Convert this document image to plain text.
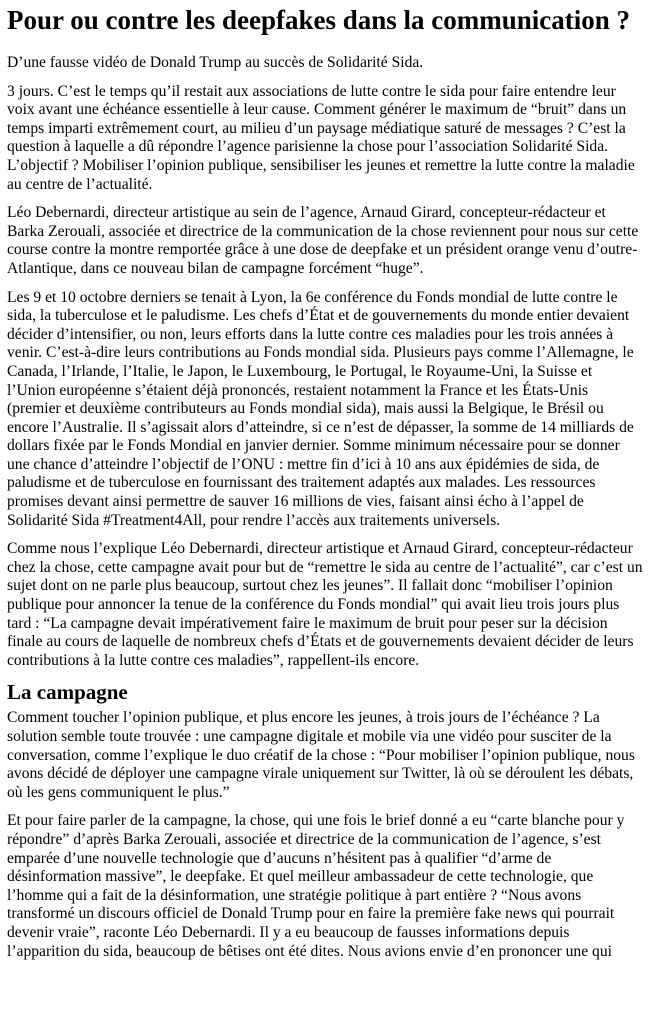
Pour ou contre les deepfakes dans la communication ?

D’une fausse vidéo de Donald Trump au succès de Solidarité Sida.

3 jours. C’est le temps qu’il restait aux associations de lutte contre le sida pour faire entendre leur voix avant une échéance essentielle à leur cause. Comment générer le maximum de “bruit” dans un temps imparti extrêmement court, au milieu d’un paysage médiatique saturé de messages ? C’est la question à laquelle a dû répondre l’agence parisienne la chose pour l’association Solidarité Sida. L’objectif ? Mobiliser l’opinion publique, sensibiliser les jeunes et remettre la lutte contre la maladie au centre de l’actualité.

Léo Debernardi, directeur artistique au sein de l’agence, Arnaud Girard, concepteur-rédacteur et Barka Zerouali, associée et directrice de la communication de la chose reviennent pour nous sur cette course contre la montre remportée grâce à une dose de deepfake et un président orange venu d’outre-Atlantique, dans ce nouveau bilan de campagne forcément “huge”.

Les 9 et 10 octobre derniers se tenait à Lyon, la 6e conférence du Fonds mondial de lutte contre le sida, la tuberculose et le paludisme. Les chefs d’État et de gouvernements du monde entier devaient décider d’intensifier, ou non, leurs efforts dans la lutte contre ces maladies pour les trois années à venir. C’est-à-dire leurs contributions au Fonds mondial sida. Plusieurs pays comme l’Allemagne, le Canada, l’Irlande, l’Italie, le Japon, le Luxembourg, le Portugal, le Royaume-Uni, la Suisse et l’Union européenne s’étaient déjà prononcés, restaient notamment la France et les États-Unis (premier et deuxième contributeurs au Fonds mondial sida), mais aussi la Belgique, le Brésil ou encore l’Australie. Il s’agissait alors d’atteindre, si ce n’est de dépasser, la somme de 14 milliards de dollars fixée par le Fonds Mondial en janvier dernier. Somme minimum nécessaire pour se donner une chance d’atteindre l’objectif de l’ONU : mettre fin d’ici à 10 ans aux épidémies de sida, de paludisme et de tuberculose en fournissant des traitement adaptés aux malades. Les ressources promises devant ainsi permettre de sauver 16 millions de vies, faisant ainsi écho à l’appel de Solidarité Sida #Treatment4All, pour rendre l’accès aux traitements universels.

Comme nous l’explique Léo Debernardi, directeur artistique et Arnaud Girard, concepteur-rédacteur chez la chose, cette campagne avait pour but de “remettre le sida au centre de l’actualité”, car c’est un sujet dont on ne parle plus beaucoup, surtout chez les jeunes”. Il fallait donc “mobiliser l’opinion publique pour annoncer la tenue de la conférence du Fonds mondial” qui avait lieu trois jours plus tard : “La campagne devait impérativement faire le maximum de bruit pour peser sur la décision finale au cours de laquelle de nombreux chefs d’États et de gouvernements devaient décider de leurs contributions à la lutte contre ces maladies”, rappellent-ils encore.

La campagne

Comment toucher l’opinion publique, et plus encore les jeunes, à trois jours de l’échéance ? La solution semble toute trouvée : une campagne digitale et mobile via une vidéo pour susciter de la conversation, comme l’explique le duo créatif de la chose : “Pour mobiliser l’opinion publique, nous avons décidé de déployer une campagne virale uniquement sur Twitter, là où se déroulent les débats, où les gens communiquent le plus.”

Et pour faire parler de la campagne, la chose, qui une fois le brief donné a eu “carte blanche pour y répondre” d’après Barka Zerouali, associée et directrice de la communication de l’agence, s’est emparée d’une nouvelle technologie que d’aucuns n’hésitent pas à qualifier “d’arme de désinformation massive”, le deepfake. Et quel meilleur ambassadeur de cette technologie, que l’homme qui a fait de la désinformation, une stratégie politique à part entière ? “Nous avons transformé un discours officiel de Donald Trump pour en faire la première fake news qui pourrait devenir vraie”, raconte Léo Debernardi. Il y a eu beaucoup de fausses informations depuis l’apparition du sida, beaucoup de bêtises ont été dites. Nous avions envie d’en prononcer une qui
